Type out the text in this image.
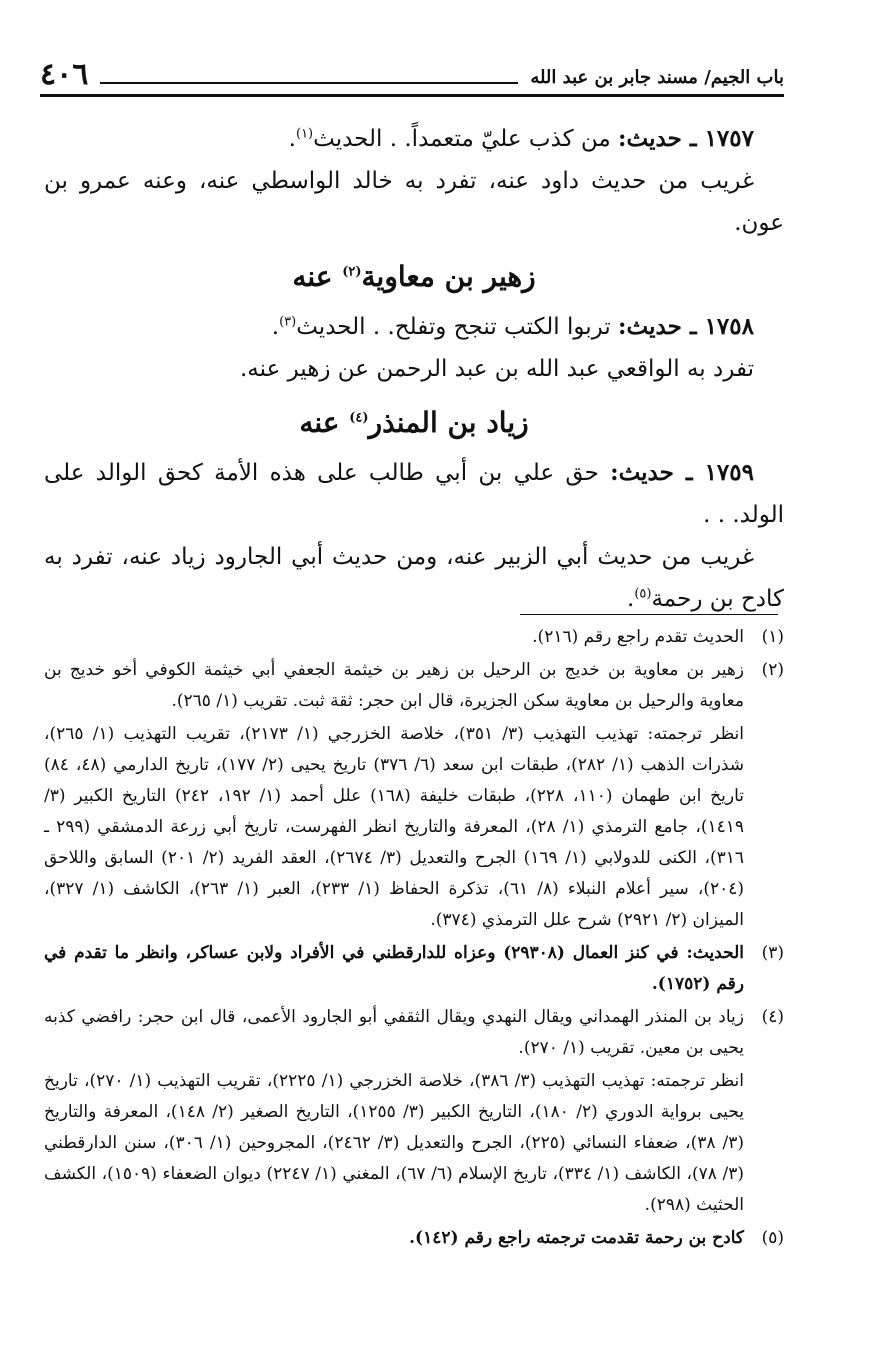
باب الجيم/ مسند جابر بن عبد الله
٤٠٦

١٧٥٧ ـ حديث: من كذب عليّ متعمداً. . الحديث$^{(١)}$.

غريب من حديث داود عنه، تفرد به خالد الواسطي عنه، وعنه عمرو بن عون.

زهير بن معاوية$^{(٢)}$ عنه

١٧٥٨ ـ حديث: تربوا الكتب تنجح وتفلح. . الحديث$^{(٣)}$.

تفرد به الواقعي عبد الله بن عبد الرحمن عن زهير عنه.

زياد بن المنذر$^{(٤)}$ عنه

١٧٥٩ ـ حديث: حق علي بن أبي طالب على هذه الأمة كحق الوالد على الولد. . .

غريب من حديث أبي الزبير عنه، ومن حديث أبي الجارود زياد عنه، تفرد به كادح بن رحمة$^{(٥)}$.

(١)

الحديث تقدم راجع رقم (٢١٦).

(٢)

زهير بن معاوية بن خديج بن الرحيل بن زهير بن خيثمة الجعفي أبي خيثمة الكوفي أخو خديج بن معاوية والرحيل بن معاوية سكن الجزيرة، قال ابن حجر: ثقة ثبت. تقريب (١/ ٢٦٥).

انظر ترجمته: تهذيب التهذيب (٣/ ٣٥١)، خلاصة الخزرجي (١/ ٢١٧٣)، تقريب التهذيب (١/ ٢٦٥)، شذرات الذهب (١/ ٢٨٢)، طبقات ابن سعد (٦/ ٣٧٦) تاريخ يحيى (٢/ ١٧٧)، تاريخ الدارمي (٤٨، ٨٤) تاريخ ابن طهمان (١١٠، ٢٢٨)، طبقات خليفة (١٦٨) علل أحمد (١/ ١٩٢، ٢٤٢) التاريخ الكبير (٣/ ١٤١٩)، جامع الترمذي (١/ ٢٨)، المعرفة والتاريخ انظر الفهرست، تاريخ أبي زرعة الدمشقي (٢٩٩ ـ ٣١٦)، الكنى للدولابي (١/ ١٦٩) الجرح والتعديل (٣/ ٢٦٧٤)، العقد الفريد (٢/ ٢٠١) السابق واللاحق (٢٠٤)، سير أعلام النبلاء (٨/ ٦١)، تذكرة الحفاظ (١/ ٢٣٣)، العبر (١/ ٢٦٣)، الكاشف (١/ ٣٢٧)، الميزان (٢/ ٢٩٢١) شرح علل الترمذي (٣٧٤).

(٣)

الحديث: في كنز العمال (٢٩٣٠٨) وعزاه للدارقطني في الأفراد ولابن عساكر، وانظر ما تقدم في رقم (١٧٥٢).

(٤)

زياد بن المنذر الهمداني ويقال النهدي ويقال الثقفي أبو الجارود الأعمى، قال ابن حجر: رافضي كذبه يحيى بن معين. تقريب (١/ ٢٧٠).

انظر ترجمته: تهذيب التهذيب (٣/ ٣٨٦)، خلاصة الخزرجي (١/ ٢٢٢٥)، تقريب التهذيب (١/ ٢٧٠)، تاريخ يحيى برواية الدوري (٢/ ١٨٠)، التاريخ الكبير (٣/ ١٢٥٥)، التاريخ الصغير (٢/ ١٤٨)، المعرفة والتاريخ (٣/ ٣٨)، ضعفاء النسائي (٢٢٥)، الجرح والتعديل (٣/ ٢٤٦٢)، المجروحين (١/ ٣٠٦)، سنن الدارقطني (٣/ ٧٨)، الكاشف (١/ ٣٣٤)، تاريخ الإسلام (٦/ ٦٧)، المغني (١/ ٢٢٤٧) ديوان الضعفاء (١٥٠٩)، الكشف الحثيث (٢٩٨).

(٥)

كادح بن رحمة تقدمت ترجمته راجع رقم (١٤٢).
